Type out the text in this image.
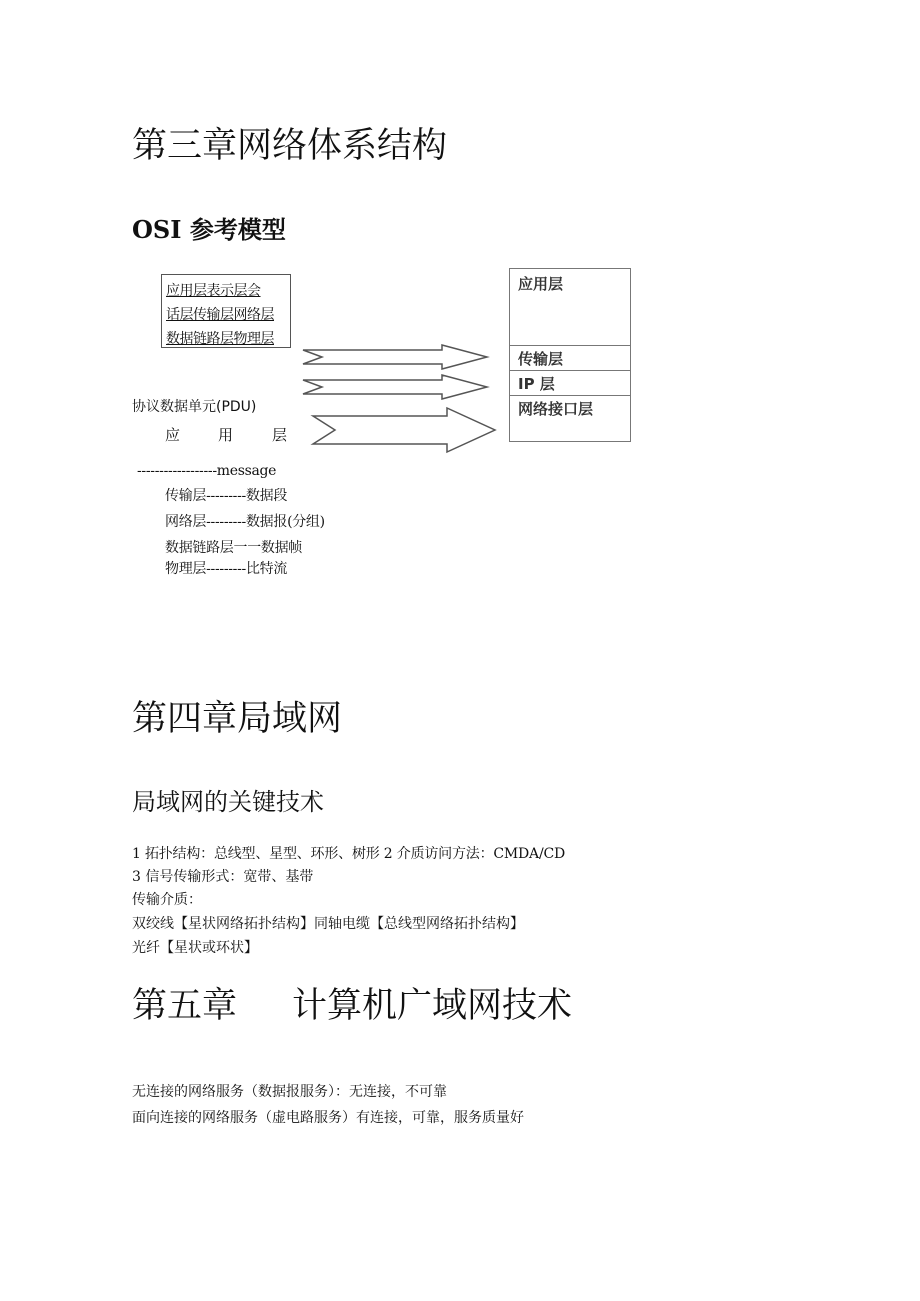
第三章网络体系结构
OSI 参考模型
应用层表示层会
话层传输层网络层
数据链路层物理层
应用层
传输层
IP 层
网络接口层
协议数据单元(PDU)
应	用	层
------------------message
传输层---------数据段
网络层---------数据报(分组)
数据链路层一一数据帧
物理层---------比特流
第四章局域网
局域网的关键技术
1 拓扑结构：总线型、星型、环形、树形 2 介质访问方法：CMDA/CD
3 信号传输形式：宽带、基带
传输介质：
双绞线【星状网络拓扑结构】同轴电缆【总线型网络拓扑结构】
光纤【星状或环状】
第五章 计算机广域网技术
无连接的网络服务（数据报服务）：无连接，不可靠
面向连接的网络服务（虚电路服务）有连接，可靠，服务质量好
